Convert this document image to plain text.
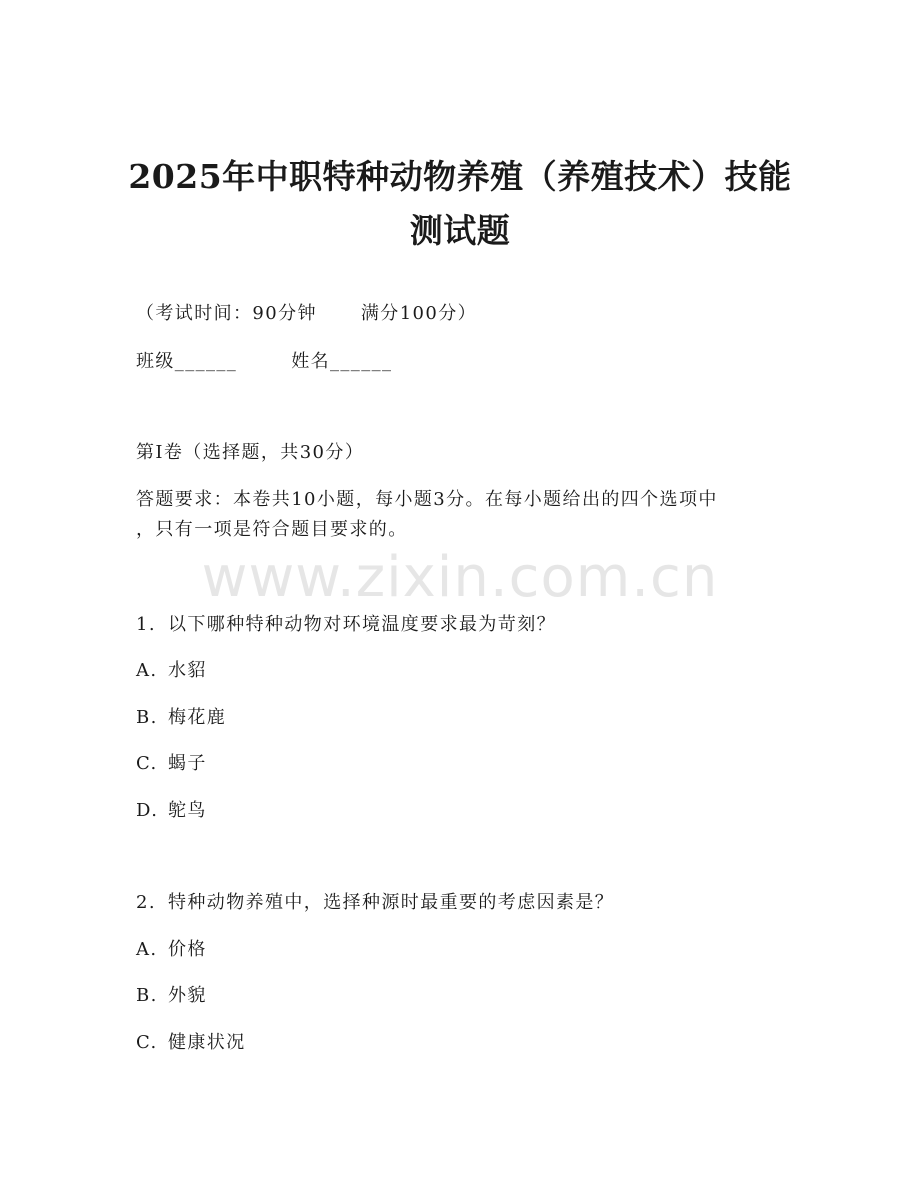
www.zixin.com.cn
2025年中职特种动物养殖（养殖技术）技能
测试题
（考试时间：90分钟 满分100分）
班级______	姓名______
第Ⅰ卷（选择题，共30分）
答题要求：本卷共10小题，每小题3分。在每小题给出的四个选项中
，只有一项是符合题目要求的。
1. 以下哪种特种动物对环境温度要求最为苛刻？
A. 水貂
B. 梅花鹿
C. 蝎子
D. 鸵鸟
2. 特种动物养殖中，选择种源时最重要的考虑因素是？
A. 价格
B. 外貌
C. 健康状况
